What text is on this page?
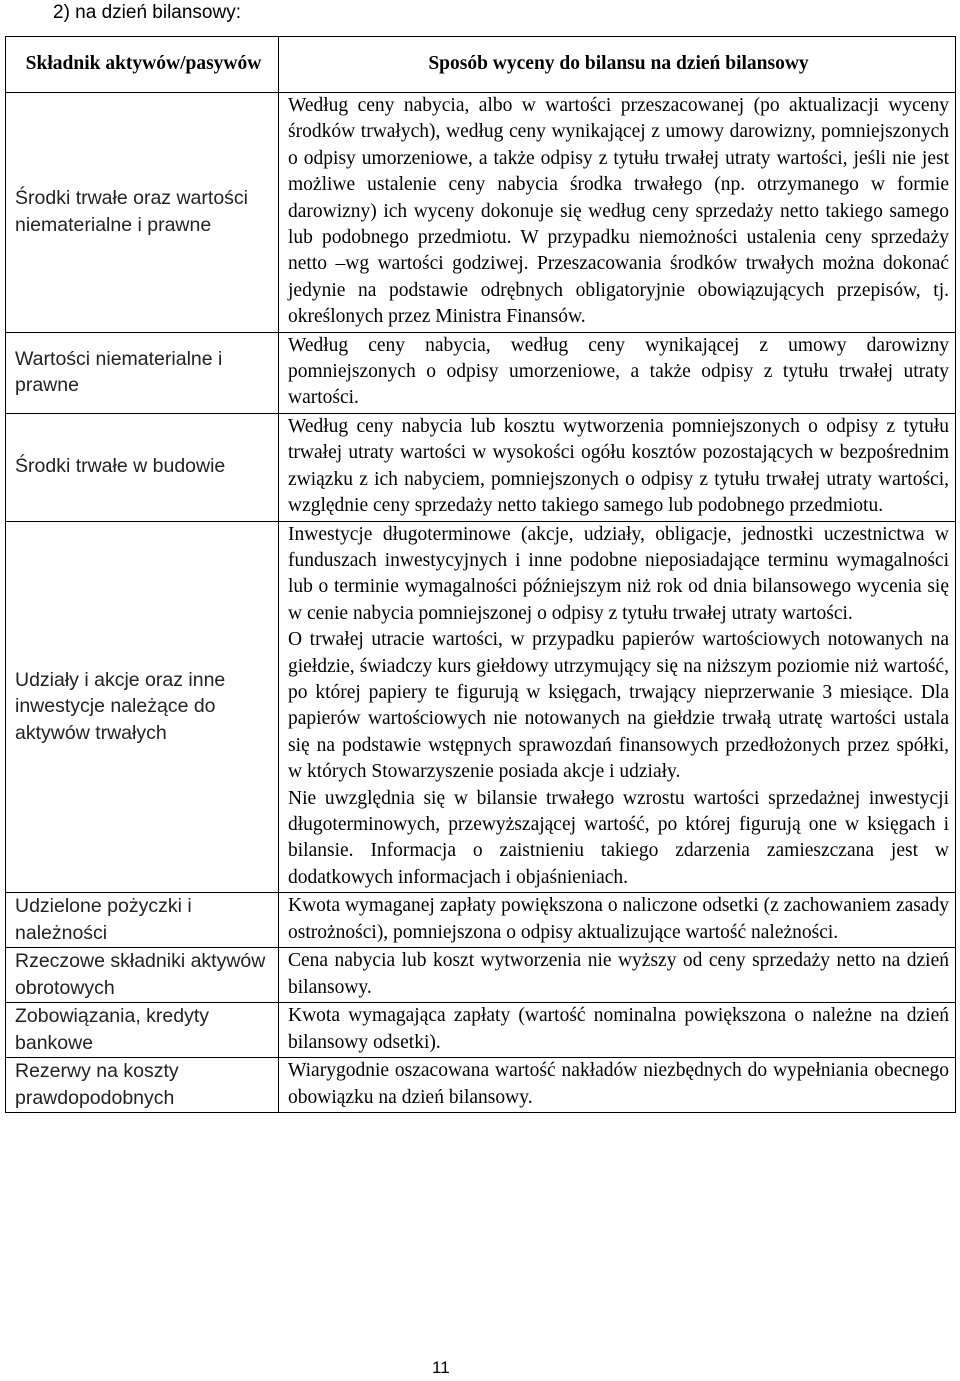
2) na dzień bilansowy:
Składnik aktywów/pasywów	Sposób wyceny do bilansu na dzień bilansowy
Środki trwałe oraz wartości niematerialne i prawne	Według ceny nabycia, albo w wartości przeszacowanej (po aktualizacji wyceny środków trwałych), według ceny wynikającej z umowy darowizny, pomniejszonych o odpisy umorzeniowe, a także odpisy z tytułu trwałej utraty wartości, jeśli nie jest możliwe ustalenie ceny nabycia środka trwałego (np. otrzymanego w formie darowizny) ich wyceny dokonuje się według ceny sprzedaży netto takiego samego lub podobnego przedmiotu. W przypadku niemożności ustalenia ceny sprzedaży netto –wg wartości godziwej. Przeszacowania środków trwałych można dokonać jedynie na podstawie odrębnych obligatoryjnie obowiązujących przepisów, tj. określonych przez Ministra Finansów.
Wartości niematerialne i prawne	Według ceny nabycia, według ceny wynikającej z umowy darowizny pomniejszonych o odpisy umorzeniowe, a także odpisy z tytułu trwałej utraty wartości.
Środki trwałe w budowie	Według ceny nabycia lub kosztu wytworzenia pomniejszonych o odpisy z tytułu trwałej utraty wartości w wysokości ogółu kosztów pozostających w bezpośrednim związku z ich nabyciem, pomniejszonych o odpisy z tytułu trwałej utraty wartości, względnie ceny sprzedaży netto takiego samego lub podobnego przedmiotu.
Udziały i akcje oraz inne inwestycje należące do aktywów trwałych	Inwestycje długoterminowe (akcje, udziały, obligacje, jednostki uczestnictwa w funduszach inwestycyjnych i inne podobne nieposiadające terminu wymagalności lub o terminie wymagalności późniejszym niż rok od dnia bilansowego wycenia się w cenie nabycia pomniejszonej o odpisy z tytułu trwałej utraty wartości.
O trwałej utracie wartości, w przypadku papierów wartościowych notowanych na giełdzie, świadczy kurs giełdowy utrzymujący się na niższym poziomie niż wartość, po której papiery te figurują w księgach, trwający nieprzerwanie 3 miesiące. Dla papierów wartościowych nie notowanych na giełdzie trwałą utratę wartości ustala się na podstawie wstępnych sprawozdań finansowych przedłożonych przez spółki, w których Stowarzyszenie posiada akcje i udziały.
Nie uwzględnia się w bilansie trwałego wzrostu wartości sprzedażnej inwestycji długoterminowych, przewyższającej wartość, po której figurują one w księgach i bilansie. Informacja o zaistnieniu takiego zdarzenia zamieszczana jest w dodatkowych informacjach i objaśnieniach.

Udzielone pożyczki i należności	Kwota wymaganej zapłaty powiększona o naliczone odsetki (z zachowaniem zasady ostrożności), pomniejszona o odpisy aktualizujące wartość należności.
Rzeczowe składniki aktywów obrotowych	Cena nabycia lub koszt wytworzenia nie wyższy od ceny sprzedaży netto na dzień bilansowy.
Zobowiązania, kredyty bankowe	Kwota wymagająca zapłaty (wartość nominalna powiększona o należne na dzień bilansowy odsetki).
Rezerwy na koszty prawdopodobnych	Wiarygodnie oszacowana wartość nakładów niezbędnych do wypełniania obecnego obowiązku na dzień bilansowy.
11
